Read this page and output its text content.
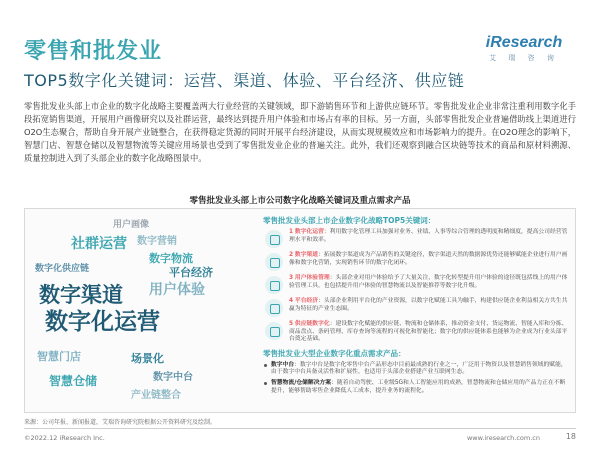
零售和批发业
TOP5数字化关键词：运营、渠道、体验、平台经济、供应链
iResearch
艾 瑞 咨 询
零售批发业头部上市企业的数字化战略主要覆盖两大行业经营的关键领域，即下游销售环节和上游供应链环节。零售批发业企业非常注重利用数字化手段拓宽销售渠道，开展用户画像研究以及社群运营，最终达到提升用户体验和市场占有率的目标。另一方面，头部零售批发企业普遍借助线上渠道进行O2O生态聚合，帮助自身开展产业链整合，在获得稳定货源的同时开展平台经济建设，从而实现规模效应和市场影响力的提升。在O2O理念的影响下，智慧门店、智慧仓储以及智慧物流等关键应用场景也受到了零售批发业企业的普遍关注。此外，我们还观察到融合区块链等技术的商品和原材料溯源、质量控制进入到了头部企业的数字化战略图景中。
零售批发业头部上市公司数字化战略关键词及重点需求产品
用户画像
社群运营 数字营销
数字物流
数字化供应链	平台经济
数字渠道 用户体验
数字化运营
智慧门店	场景化
智慧仓储	数字中台
产业链整合
零售批发业头部上市企业数字化战略TOP5关键词：
1 数字化运营：利用数字化管理工具加强对业务、业绩、人事等综合管理的透明度和精细度，提高公司经营管理水平和效率。
2 数字渠道：拓展数字渠道成为产品销售的关键途径，数字渠道天然的数据源优势还能够赋能企业进行用户画像和数字化营销，实现销售环节的数字化闭环。
3 用户体验管理：头部企业对用户体验给予了大量关注，数字化转型提升用户体验的途径既包括线上的用户体验管理工具，也包括提升用户体验的智慧物流以及智能推荐等数字化升级。
4 平台经济：头部企业利用平台化的产业资源，以数字化赋能工具为触手，构建供应链企业利益相关方共生共赢为特征的产业生态圈。
5 供应链数字化：建设数字化赋能的供应链、物流和仓储体系，推动资金支付、货运物流、智能入库和分拣、商品盘点、条码管理、库存查询等流程的可视化和智能化；数字化的供应链体系也能够为企业成为行业头部平台奠定基础。
零售批发业大型企业数字化重点需求产品：
数字中台：数字中台是数字化零售中台产品形态中目前最成熟的行业之一，广泛用于物资以及智慧销售领域的赋能，由于数字中台具备灵活性和扩展性，也适用于头部企业搭建产业互联网生态。
智慧物流/仓储解决方案：随着自动驾驶、工业级5G和人工智能应用的成熟，智慧物流和仓储应用的产品力正在不断提升，能够帮助零售企业降低人工成本，提升业务的流程化。
来源：公司年报、新闻报道，艾瑞咨询研究院根据公开资料研究及绘制。
©2022.12 iResearch Inc.	www.iresearch.com.cn	18
